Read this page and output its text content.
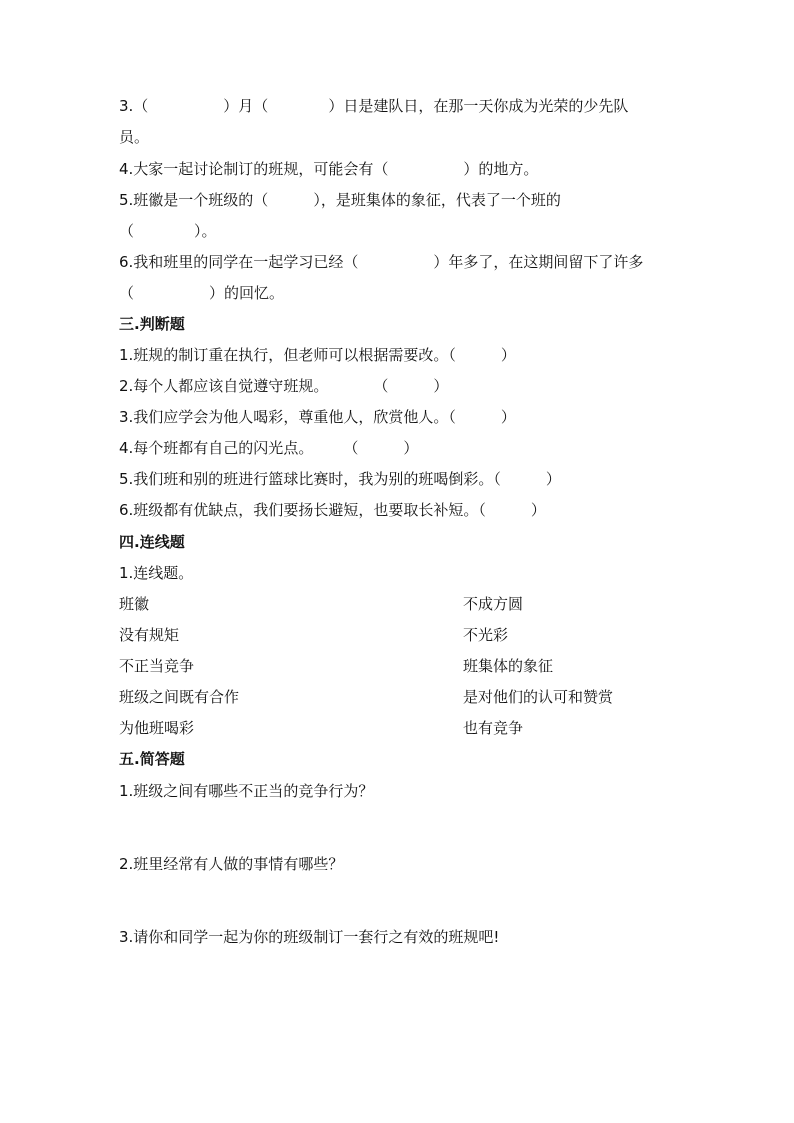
3.（　　　　　）月（　　　　）日是建队日，在那一天你成为光荣的少先队
员。
4.大家一起讨论制订的班规，可能会有（　　　　　）的地方。
5.班徽是一个班级的（　　　），是班集体的象征，代表了一个班的
（　　　　）。
6.我和班里的同学在一起学习已经（　　　　　）年多了，在这期间留下了许多
（　　　　　）的回忆。
三.判断题
1.班规的制订重在执行，但老师可以根据需要改。（　　　）
2.每个人都应该自觉遵守班规。　　　　（　　　）
3.我们应学会为他人喝彩，尊重他人，欣赏他人。（　　　）
4.每个班都有自己的闪光点。　　　（　　　）
5.我们班和别的班进行篮球比赛时，我为别的班喝倒彩。（　　　）
6.班级都有优缺点，我们要扬长避短，也要取长补短。（　　　）
四.连线题
1.连线题。
班徽	不成方圆
没有规矩	不光彩
不正当竞争	班集体的象征
班级之间既有合作	是对他们的认可和赞赏
为他班喝彩	也有竞争
五.简答题
1.班级之间有哪些不正当的竞争行为？
2.班里经常有人做的事情有哪些？
3.请你和同学一起为你的班级制订一套行之有效的班规吧!
